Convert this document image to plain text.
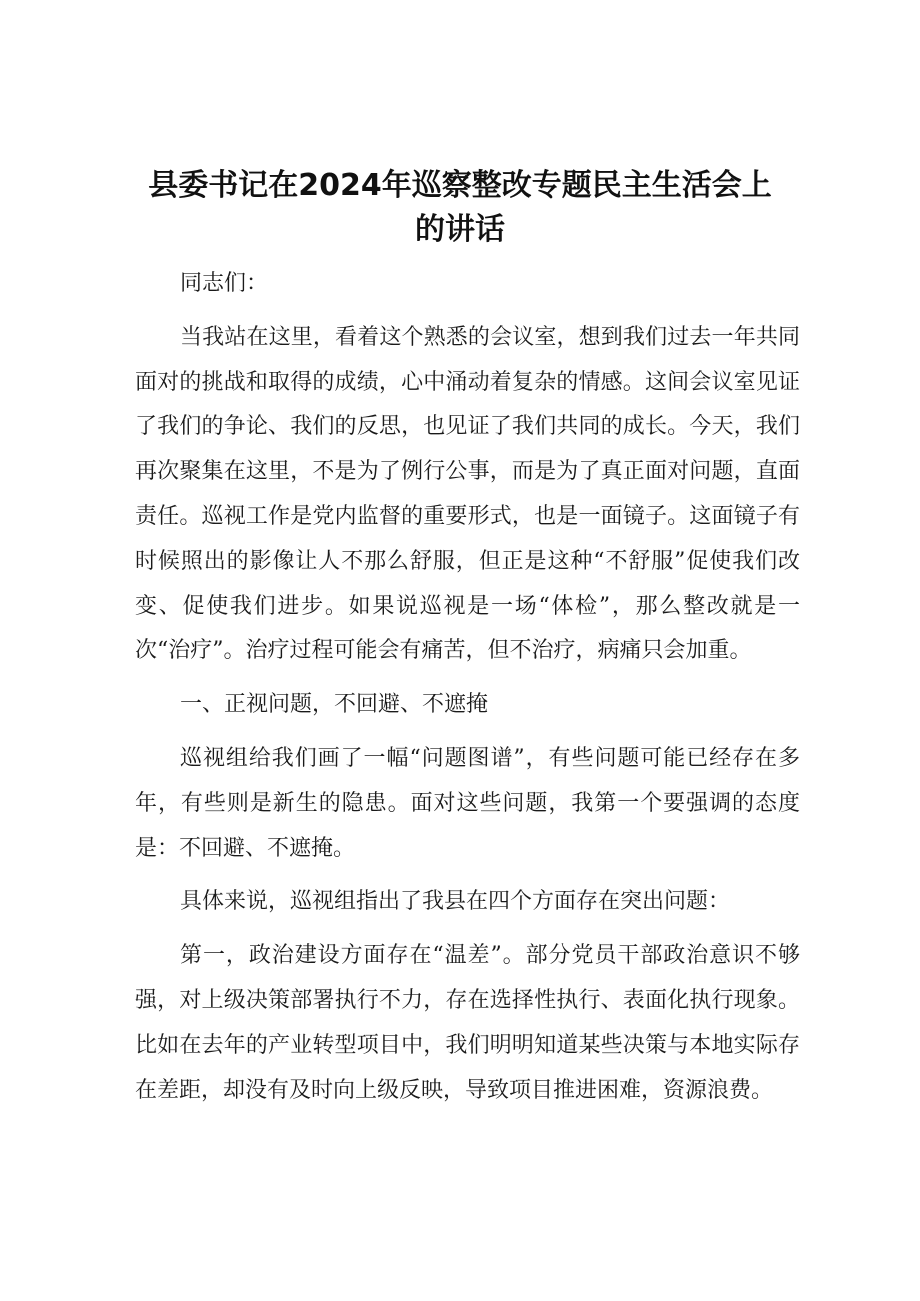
县委书记在2024年巡察整改专题民主生活会上
的讲话

同志们：

当我站在这里，看着这个熟悉的会议室，想到我们过去一年共同面对的挑战和取得的成绩，心中涌动着复杂的情感。这间会议室见证了我们的争论、我们的反思，也见证了我们共同的成长。今天，我们再次聚集在这里，不是为了例行公事，而是为了真正面对问题，直面责任。巡视工作是党内监督的重要形式，也是一面镜子。这面镜子有时候照出的影像让人不那么舒服，但正是这种“不舒服”促使我们改变、促使我们进步。如果说巡视是一场“体检”，那么整改就是一次“治疗”。治疗过程可能会有痛苦，但不治疗，病痛只会加重。

一、正视问题，不回避、不遮掩

巡视组给我们画了一幅“问题图谱”，有些问题可能已经存在多年，有些则是新生的隐患。面对这些问题，我第一个要强调的态度是：不回避、不遮掩。

具体来说，巡视组指出了我县在四个方面存在突出问题：

第一，政治建设方面存在“温差”。部分党员干部政治意识不够强，对上级决策部署执行不力，存在选择性执行、表面化执行现象。比如在去年的产业转型项目中，我们明明知道某些决策与本地实际存在差距，却没有及时向上级反映，导致项目推进困难，资源浪费。
